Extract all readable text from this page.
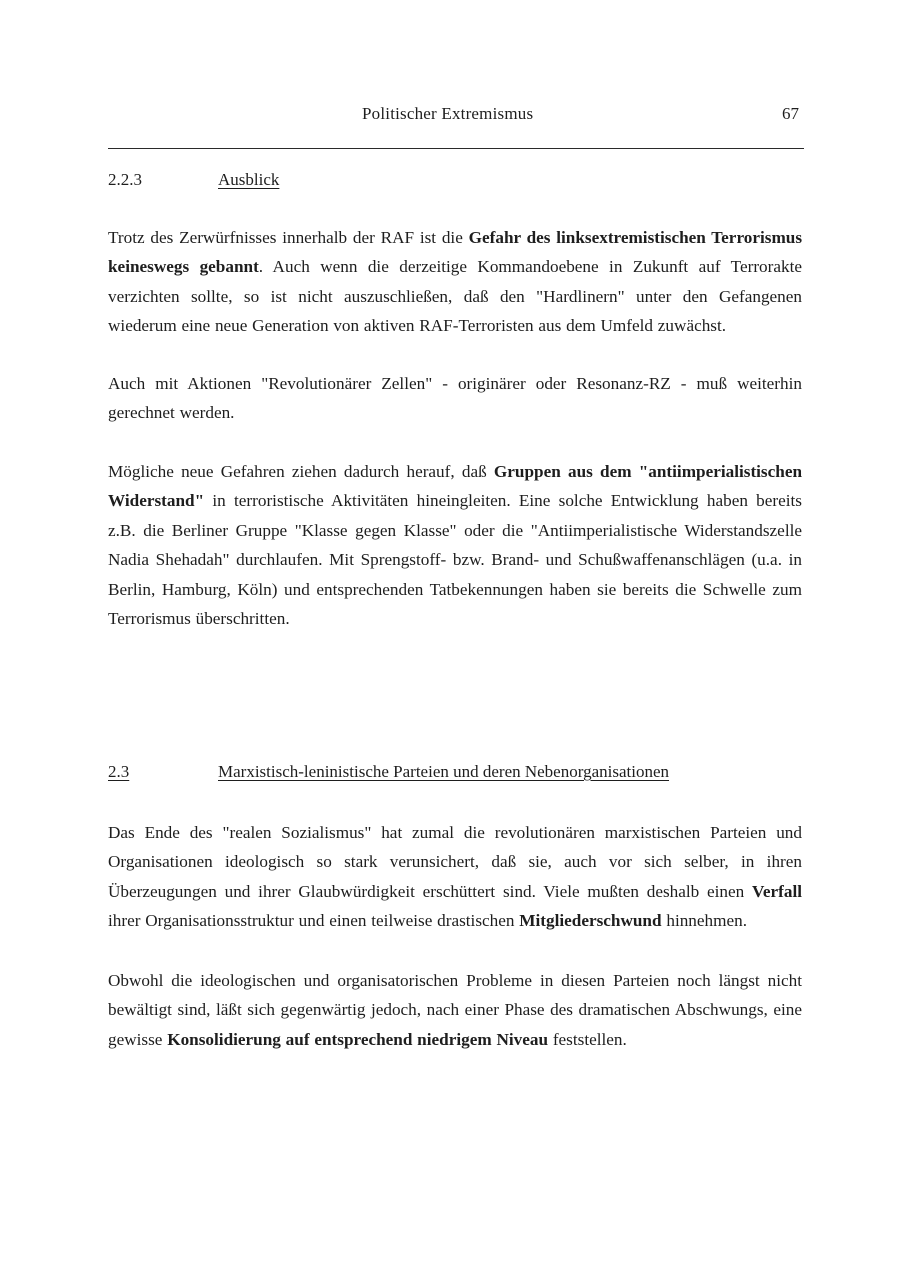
Politischer Extremismus	67
2.2.3	Ausblick

Trotz des Zerwürfnisses innerhalb der RAF ist die Gefahr des linksextremistischen Terrorismus keineswegs gebannt. Auch wenn die derzeitige Kommandoebene in Zukunft auf Terrorakte verzichten sollte, so ist nicht auszuschließen, daß den "Hardlinern" unter den Gefangenen wiederum eine neue Generation von aktiven RAF-Terroristen aus dem Umfeld zuwächst.

Auch mit Aktionen "Revolutionärer Zellen" - originärer oder Resonanz-RZ - muß weiterhin gerechnet werden.

Mögliche neue Gefahren ziehen dadurch herauf, daß Gruppen aus dem "antiimperialistischen Widerstand" in terroristische Aktivitäten hineingleiten. Eine solche Entwicklung haben bereits z.B. die Berliner Gruppe "Klasse gegen Klasse" oder die "Antiimperialistische Widerstandszelle Nadia Shehadah" durchlaufen. Mit Sprengstoff- bzw. Brand- und Schußwaffenanschlägen (u.a. in Berlin, Hamburg, Köln) und entsprechenden Tatbekennungen haben sie bereits die Schwelle zum Terrorismus überschritten.

2.3	Marxistisch-leninistische Parteien und deren Nebenorganisationen

Das Ende des "realen Sozialismus" hat zumal die revolutionären marxistischen Parteien und Organisationen ideologisch so stark verunsichert, daß sie, auch vor sich selber, in ihren Überzeugungen und ihrer Glaubwürdigkeit erschüttert sind. Viele mußten deshalb einen Verfall ihrer Organisationsstruktur und einen teilweise drastischen Mitgliederschwund hinnehmen.

Obwohl die ideologischen und organisatorischen Probleme in diesen Parteien noch längst nicht bewältigt sind, läßt sich gegenwärtig jedoch, nach einer Phase des dramatischen Abschwungs, eine gewisse Konsolidierung auf entsprechend niedrigem Niveau feststellen.
